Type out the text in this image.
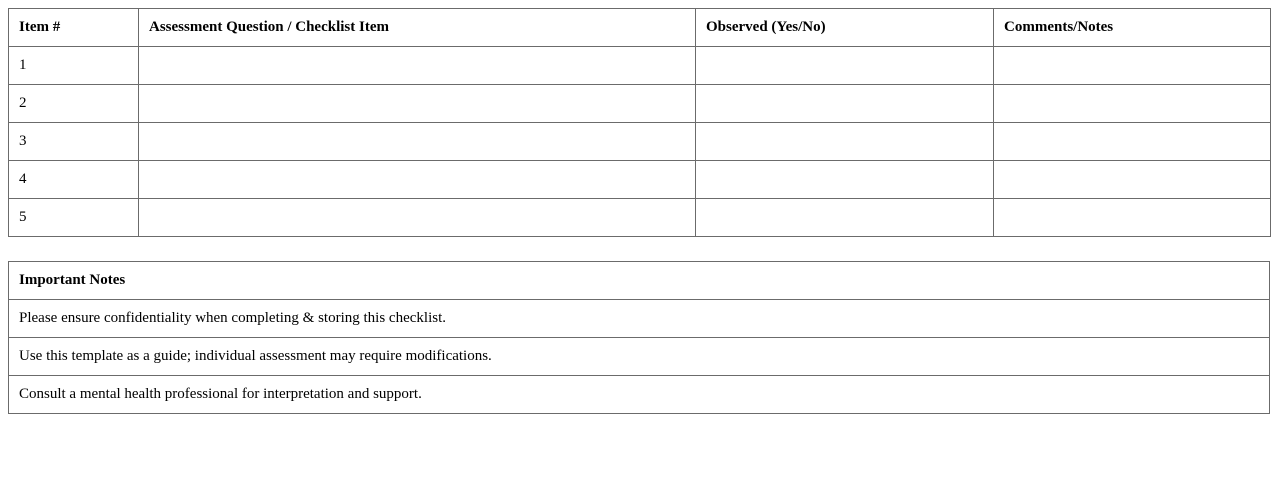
Item #	Assessment Question / Checklist Item	Observed (Yes/No)	Comments/Notes
1			
2			
3			
4			
5			
Important Notes
Please ensure confidentiality when completing & storing this checklist.
Use this template as a guide; individual assessment may require modifications.
Consult a mental health professional for interpretation and support.
